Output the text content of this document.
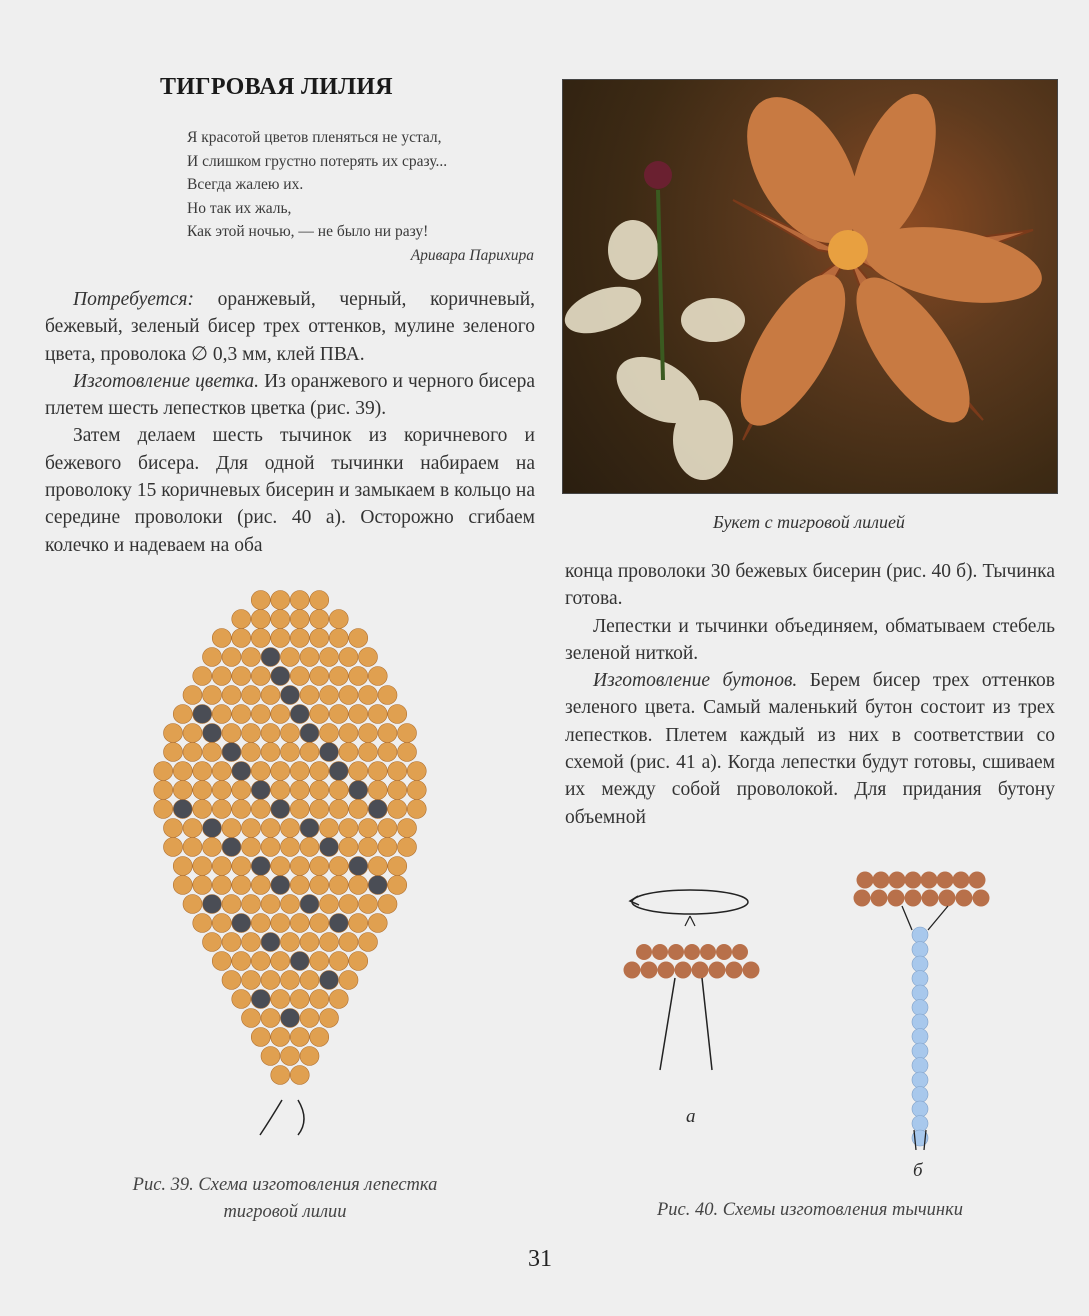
ТИГРОВАЯ ЛИЛИЯ
Я красотой цветов пленяться не устал,
И слишком грустно потерять их сразу...
Всегда жалею их.
Но так их жаль,
Как этой ночью, — не было ни разу!
Аривара Парихира

Потребуется: оранжевый, черный, коричневый, бежевый, зеленый бисер трех оттенков, мулине зеленого цвета, проволока ∅ 0,3 мм, клей ПВА.

Изготовление цветка. Из оранжевого и черного бисера плетем шесть лепестков цветка (рис. 39).

Затем делаем шесть тычинок из коричневого и бежевого бисера. Для одной тычинки набираем на проволоку 15 коричневых бисерин и замыкаем в кольцо на середине проволоки (рис. 40 а). Осторожно сгибаем колечко и надеваем на оба

Букет с тигровой лилией

конца проволоки 30 бежевых бисерин (рис. 40 б). Тычинка готова.

Лепестки и тычинки объединяем, обматываем стебель зеленой ниткой.

Изготовление бутонов. Берем бисер трех оттенков зеленого цвета. Самый маленький бутон состоит из трех лепестков. Плетем каждый из них в соответствии со схемой (рис. 41 а). Когда лепестки будут готовы, сшиваем их между собой проволокой. Для придания бутону объемной

а
б
Рис. 39. Схема изготовления лепестка
тигровой лилии	Рис. 40. Схемы изготовления тычинки
31
